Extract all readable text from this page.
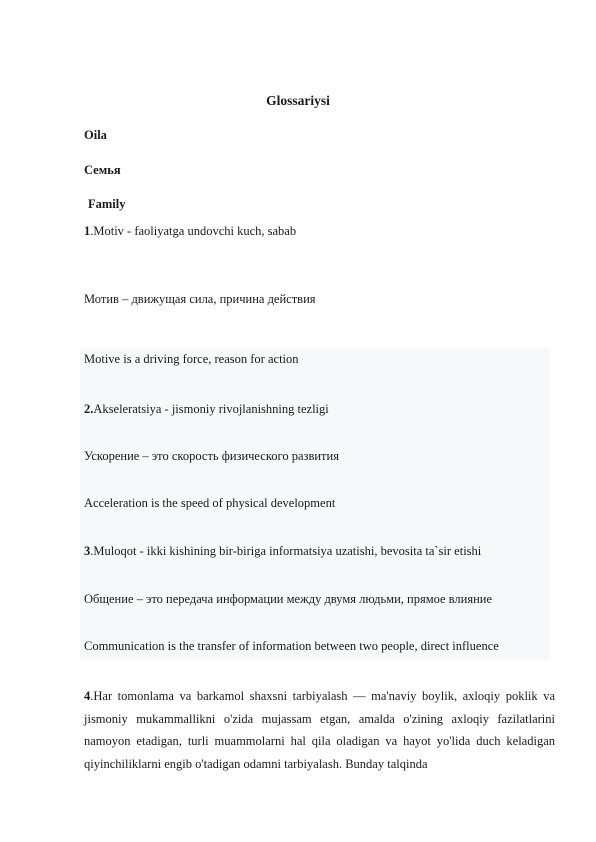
Glossariysi
Oila
Семья
Family
1.Motiv - faoliyatga undovchi kuch, sabab
Мотив – движущая сила, причина действия
Motive is a driving force, reason for action
2.Akseleratsiya - jismoniy rivojlanishning tezligi
Ускорение – это скорость физического развития
Acceleration is the speed of physical development
3.Muloqot - ikki kishining bir-biriga informatsiya uzatishi, bevosita ta`sir etishi
Общение – это передача информации между двумя людьми, прямое влияние
Communication is the transfer of information between two people, direct influence
4.Har tomonlama va barkamol shaxsni tarbiyalash — ma'naviy boylik, axloqiy poklik va jismoniy mukammallikni o'zida mujassam etgan, amalda o'zining axloqiy fazilatlarini namoyon etadigan, turli muammolarni hal qila oladigan va hayot yo'lida duch keladigan qiyinchiliklarni engib o'tadigan odamni tarbiyalash. Bunday talqinda
